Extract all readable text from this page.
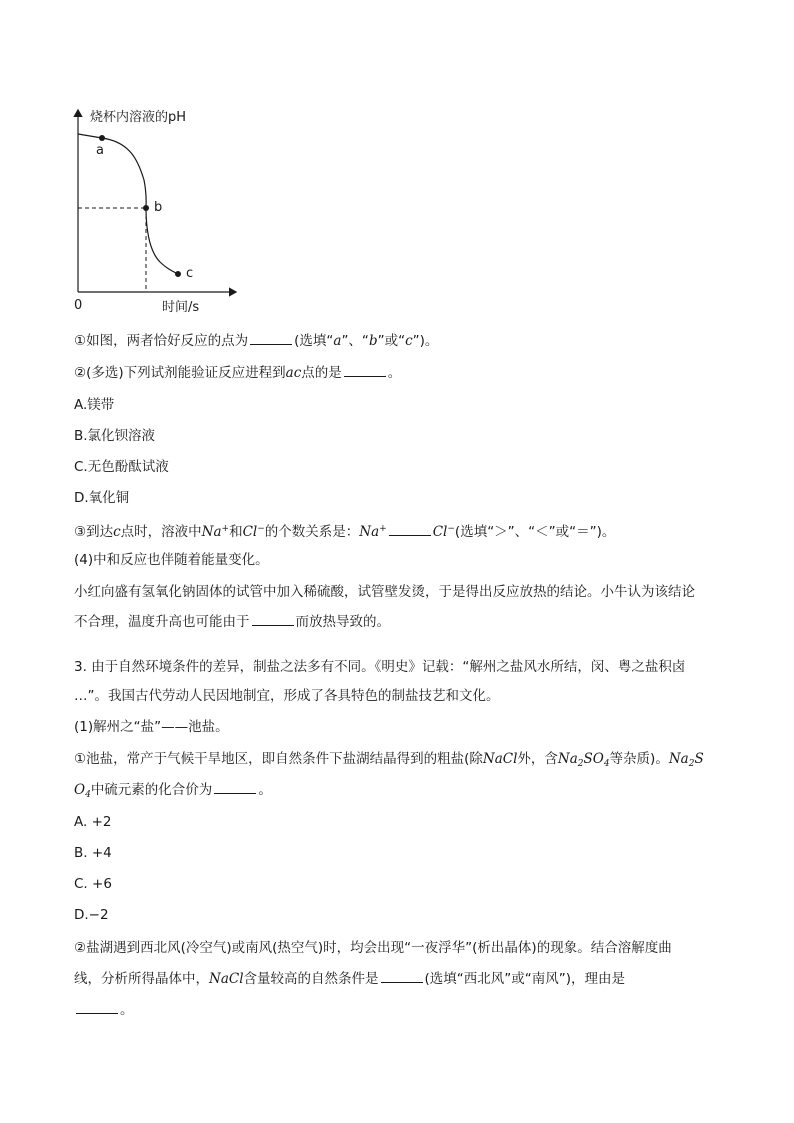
烧杯内溶液的pH
a
b
c
0	时间/s
①如图，两者恰好反应的点为	(选填“a”、“b”或“c”)。
②(多选)下列试剂能验证反应进程到ac点的是	。
A.镁带
B.氯化钡溶液
C.无色酚酞试液
D.氧化铜
③到达c点时，溶液中Na+和Cl−的个数关系是：Na+	Cl−(选填“＞”、“＜”或“＝”)。
(4)中和反应也伴随着能量变化。
小红向盛有氢氧化钠固体的试管中加入稀硫酸，试管壁发烫，于是得出反应放热的结论。小牛认为该结论
不合理，温度升高也可能由于	而放热导致的。
3. 由于自然环境条件的差异，制盐之法多有不同。《明史》记载：“解州之盐风水所结，闵、粤之盐积卤
…”。我国古代劳动人民因地制宜，形成了各具特色的制盐技艺和文化。
(1)解州之“盐”——池盐。
①池盐，常产于气候干旱地区，即自然条件下盐湖结晶得到的粗盐(除NaCl外，含$Na_2SO_4$等杂质)。$Na_2S$
$O_4$中硫元素的化合价为	。
A. +2
B. +4
C. +6
D.−2
②盐湖遇到西北风(冷空气)或南风(热空气)时，均会出现“一夜浮华”(析出晶体)的现象。结合溶解度曲
线，分析所得晶体中，NaCl含量较高的自然条件是	(选填“西北风”或“南风”)，理由是
。
